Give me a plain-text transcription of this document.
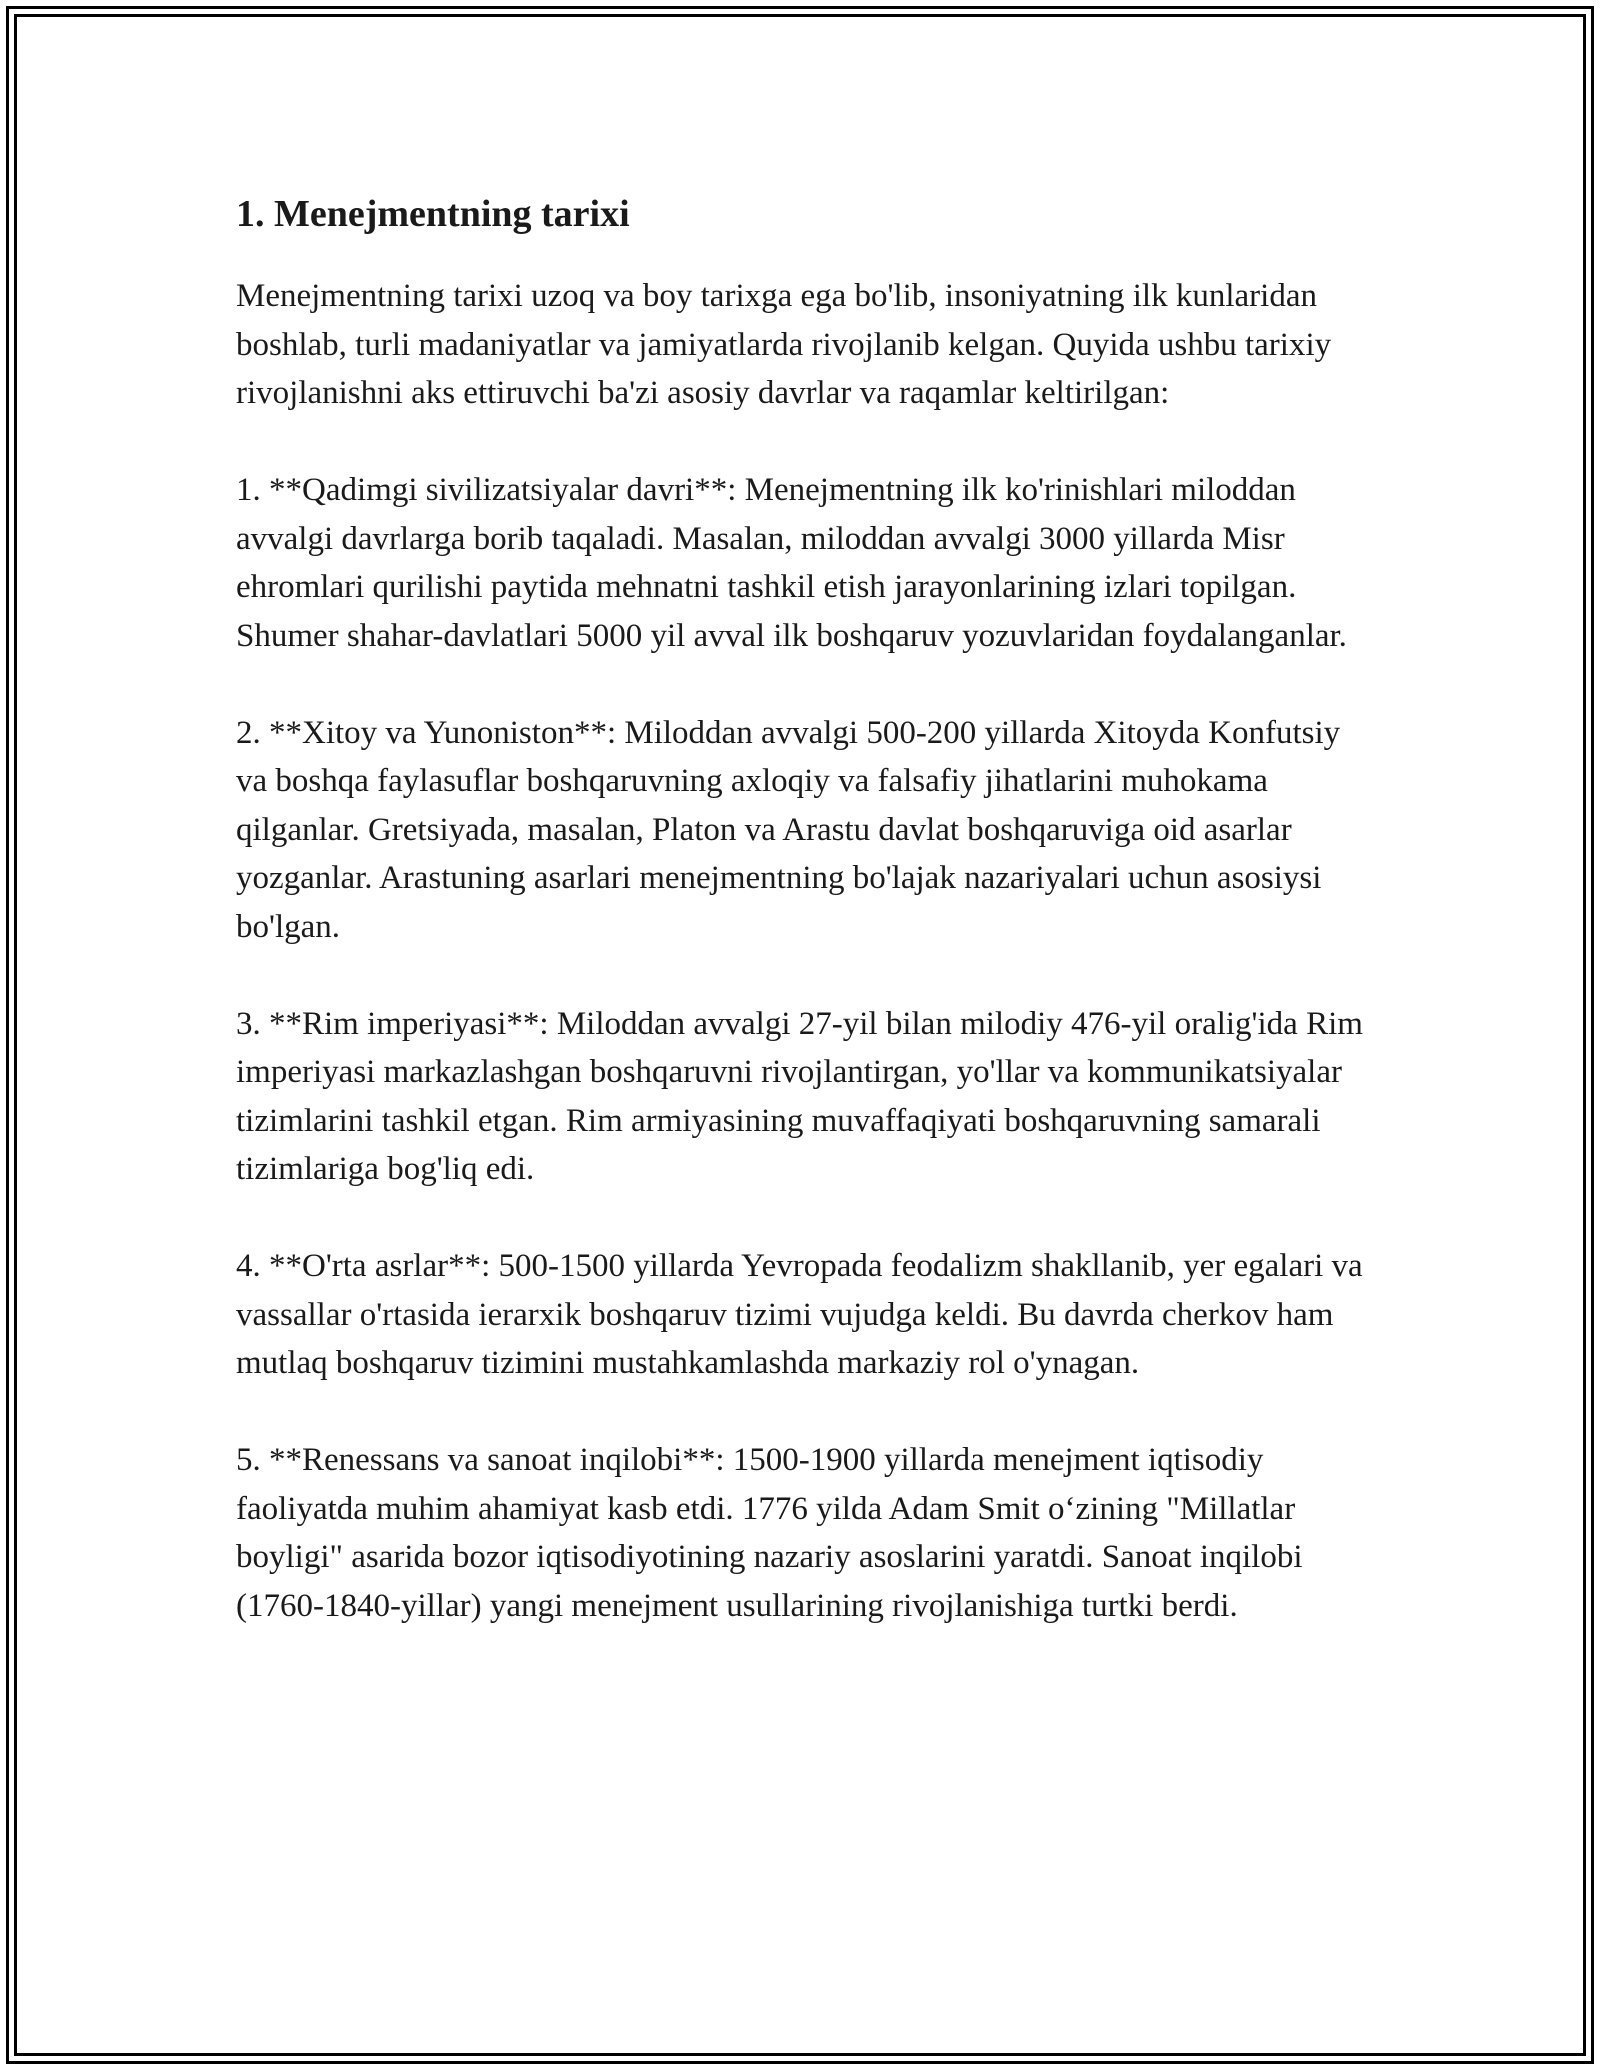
1. Menejmentning tarixi

Menejmentning tarixi uzoq va boy tarixga ega bo'lib, insoniyatning ilk kunlaridan boshlab, turli madaniyatlar va jamiyatlarda rivojlanib kelgan. Quyida ushbu tarixiy rivojlanishni aks ettiruvchi ba'zi asosiy davrlar va raqamlar keltirilgan:

1. **Qadimgi sivilizatsiyalar davri**: Menejmentning ilk ko'rinishlari miloddan avvalgi davrlarga borib taqaladi. Masalan, miloddan avvalgi 3000 yillarda Misr ehromlari qurilishi paytida mehnatni tashkil etish jarayonlarining izlari topilgan. Shumer shahar-davlatlari 5000 yil avval ilk boshqaruv yozuvlaridan foydalanganlar.

2. **Xitoy va Yunoniston**: Miloddan avvalgi 500-200 yillarda Xitoyda Konfutsiy va boshqa faylasuflar boshqaruvning axloqiy va falsafiy jihatlarini muhokama qilganlar. Gretsiyada, masalan, Platon va Arastu davlat boshqaruviga oid asarlar yozganlar. Arastuning asarlari menejmentning bo'lajak nazariyalari uchun asosiysi bo'lgan.

3. **Rim imperiyasi**: Miloddan avvalgi 27-yil bilan milodiy 476-yil oralig'ida Rim imperiyasi markazlashgan boshqaruvni rivojlantirgan, yo'llar va kommunikatsiyalar tizimlarini tashkil etgan. Rim armiyasining muvaffaqiyati boshqaruvning samarali tizimlariga bog'liq edi.

4. **O'rta asrlar**: 500-1500 yillarda Yevropada feodalizm shakllanib, yer egalari va vassallar o'rtasida ierarxik boshqaruv tizimi vujudga keldi. Bu davrda cherkov ham mutlaq boshqaruv tizimini mustahkamlashda markaziy rol o'ynagan.

5. **Renessans va sanoat inqilobi**: 1500-1900 yillarda menejment iqtisodiy faoliyatda muhim ahamiyat kasb etdi. 1776 yilda Adam Smit o‘zining "Millatlar boyligi" asarida bozor iqtisodiyotining nazariy asoslarini yaratdi. Sanoat inqilobi (1760-1840-yillar) yangi menejment usullarining rivojlanishiga turtki berdi.
